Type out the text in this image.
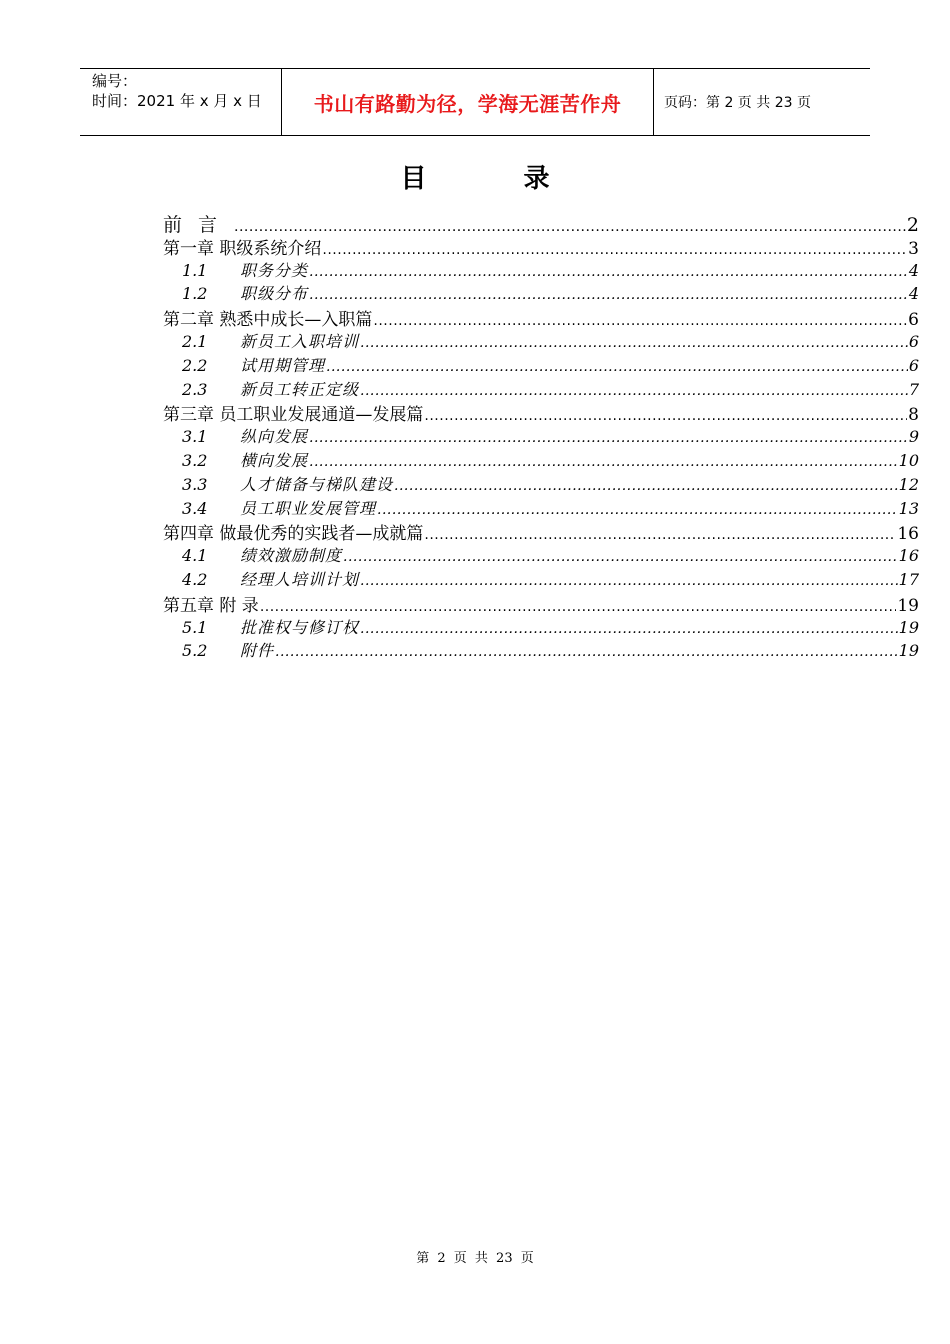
编号：
时间：2021 年 x 月 x 日	书山有路勤为径，学海无涯苦作舟	页码：第 2 页 共 23 页
目	录
前言 .....	2
第一章 职级系统介绍 .....	3
1.1 职务分类 .....	4
1.2 职级分布 .....	4
第二章 熟悉中成长—入职篇 .....	6
2.1 新员工入职培训 .....	6
2.2 试用期管理 .....	6
2.3 新员工转正定级 .....	7
第三章 员工职业发展通道—发展篇 .....	8
3.1 纵向发展 .....	9
3.2 横向发展 .....	10
3.3 人才储备与梯队建设 .....	12
3.4 员工职业发展管理 .....	13
第四章 做最优秀的实践者—成就篇 .....	16
4.1 绩效激励制度 .....	16
4.2 经理人培训计划 .....	17
第五章 附 录 .....	19
5.1 批准权与修订权 .....	19
5.2 附件 .....	19
第 2 页 共 23 页
